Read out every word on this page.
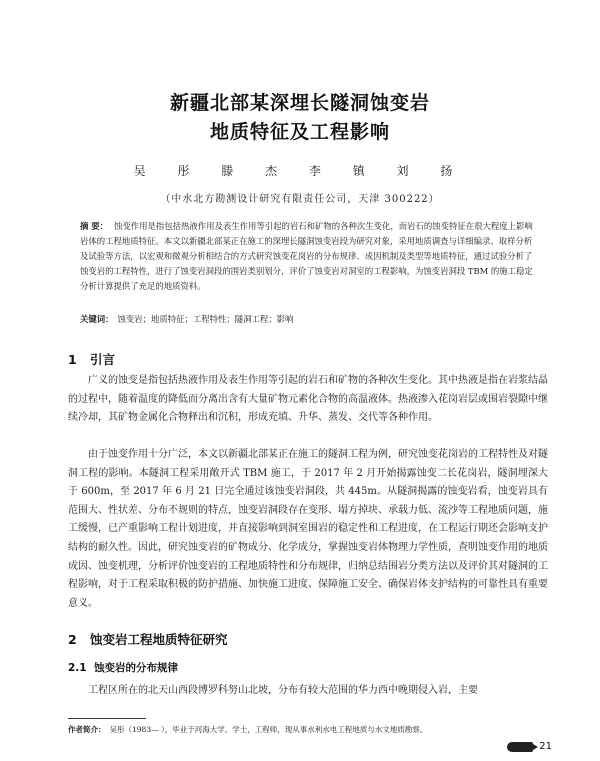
新疆北部某深埋长隧洞蚀变岩
地质特征及工程影响
吴 彤 滕 杰 李 镇 刘 扬
（中水北方勘测设计研究有限责任公司，天津 300222）
摘 要： 蚀变作用是指包括热液作用及表生作用等引起的岩石和矿物的各种次生变化，而岩石的蚀变特征在很大程度上影响岩体的工程地质特征。本文以新疆北部某正在施工的深埋长隧洞蚀变岩段为研究对象，采用地质调查与详细编录、取样分析及试验等方法，以宏观和微观分析相结合的方式研究蚀变花岗岩的分布规律、成因机制及类型等地质特征，通过试验分析了蚀变岩的工程特性，进行了蚀变岩洞段的围岩类别划分，评价了蚀变岩对洞室的工程影响，为蚀变岩洞段 TBM 的施工稳定分析计算提供了充足的地质资料。
关键词： 蚀变岩；地质特征；工程特性；隧洞工程；影响
1 引言
广义的蚀变是指包括热液作用及表生作用等引起的岩石和矿物的各种次生变化。其中热液是指在岩浆结晶的过程中，随着温度的降低而分离出含有大量矿物元素化合物的高温液体。热液渗入花岗岩层或围岩裂隙中继续冷却，其矿物金属化合物释出和沉积，形成充填、升华、蒸发、交代等各种作用。
由于蚀变作用十分广泛，本文以新疆北部某正在施工的隧洞工程为例，研究蚀变花岗岩的工程特性及对隧洞工程的影响。本隧洞工程采用敞开式 TBM 施工，于 2017 年 2 月开始揭露蚀变二长花岗岩，隧洞埋深大于 600m，至 2017 年 6 月 21 日完全通过该蚀变岩洞段，共 445m。从隧洞揭露的蚀变岩看，蚀变岩具有范围大、性状差、分布不规则的特点，蚀变岩洞段存在变形、塌方掉块、承载力低、流沙等工程地质问题，施工缓慢，已产重影响工程计划进度，并直接影响到洞室围岩的稳定性和工程进度，在工程运行期还会影响支护结构的耐久性。因此，研究蚀变岩的矿物成分、化学成分，掌握蚀变岩体物理力学性质，查明蚀变作用的地质成因、蚀变机理，分析评价蚀变岩的工程地质特性和分布规律，归纳总结围岩分类方法以及评价其对隧洞的工程影响，对于工程采取积极的防护措施、加快施工进度、保障施工安全、确保岩体支护结构的可靠性具有重要意义。
2 蚀变岩工程地质特征研究
2.1 蚀变岩的分布规律
工程区所在的北天山西段博罗科努山北坡，分布有较大范围的华力西中晚期侵入岩，主要
作者简介： 吴彤（1983— ），毕业于河海大学，学士，工程师，现从事水利水电工程地质与水文地质勘察。
21
